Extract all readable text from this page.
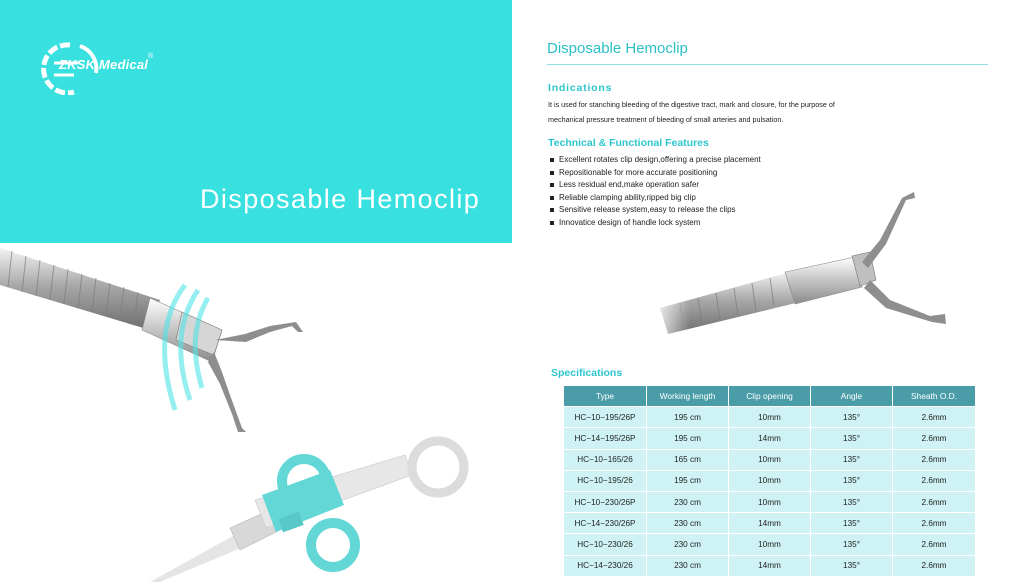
ZKSK Medical
®
Disposable Hemoclip
Disposable Hemoclip
Indications
It is used for stanching bleeding of the digestive tract, mark and closure, for the purpose of
mechanical pressure treatment of bleeding of small arteries and pulsation.
Technical & Functional Features
Excellent rotates clip design,offering a precise placement
Repositionable for more accurate positioning
Less residual end,make operation safer
Reliable clamping ability,ripped big clip
Sensitive release system,easy to release the clips
Innovatice design of handle lock system
Specifications
Type	Working length	Clip opening	Angle	Sheath O.D.
HC−10−195/26P	195 cm	10mm	135°	2.6mm
HC−14−195/26P	195 cm	14mm	135°	2.6mm
HC−10−165/26	165 cm	10mm	135°	2.6mm
HC−10−195/26	195 cm	10mm	135°	2.6mm
HC−10−230/26P	230 cm	10mm	135°	2.6mm
HC−14−230/26P	230 cm	14mm	135°	2.6mm
HC−10−230/26	230 cm	10mm	135°	2.6mm
HC−14−230/26	230 cm	14mm	135°	2.6mm
